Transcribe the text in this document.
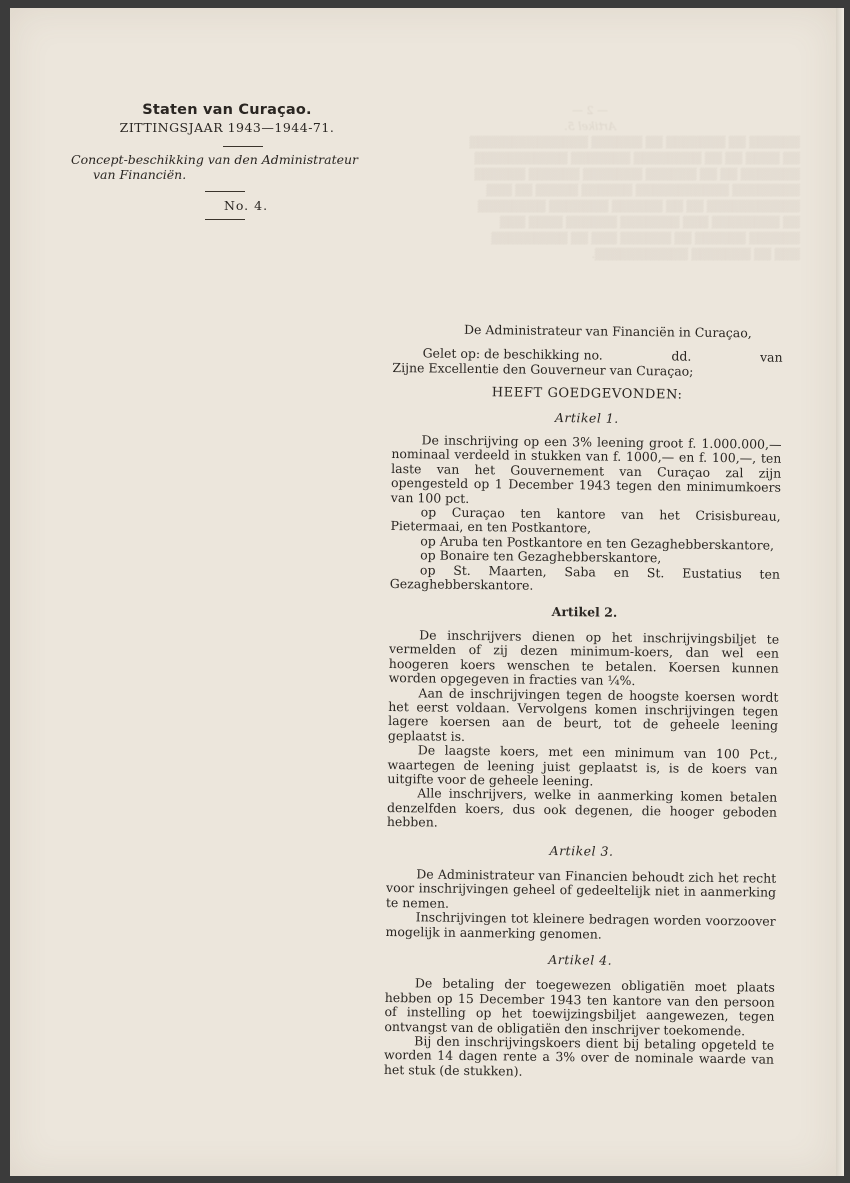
— 2 —
Artikel 5.
▒▒▒▒▒▒ ▒▒ ▒▒▒▒▒▒▒ ▒▒ ▒▒▒▒▒▒ ▒▒▒▒▒▒▒▒▒▒▒▒▒▒
▒▒ ▒▒▒▒ ▒▒ ▒▒ ▒▒▒▒▒▒▒▒ ▒▒▒▒▒▒▒ ▒▒▒▒▒▒▒▒▒▒▒
▒▒▒▒▒▒▒ ▒▒ ▒▒ ▒▒▒▒▒▒ ▒▒▒▒▒▒▒ ▒▒▒▒▒▒ ▒▒▒▒▒▒
▒▒▒▒▒▒▒▒ ▒▒▒▒▒▒▒▒▒▒▒ ▒▒▒▒▒▒ ▒▒▒▒▒ ▒▒ ▒▒▒
▒▒▒▒▒▒▒▒▒▒▒ ▒▒ ▒▒ ▒▒▒▒▒▒ ▒▒▒▒▒▒▒ ▒▒▒▒▒▒▒▒
▒▒ ▒▒▒▒▒▒▒▒ ▒▒▒ ▒▒▒▒▒▒▒ ▒▒▒▒▒▒ ▒▒▒▒ ▒▒▒
▒▒▒▒▒▒ ▒▒▒▒▒▒ ▒▒ ▒▒▒▒▒▒ ▒▒▒ ▒▒ ▒▒▒▒▒▒▒▒▒
▒▒▒ ▒▒ ▒▒▒▒▒▒▒ ▒▒▒▒▒▒▒▒▒▒▒.
Staten van Curaçao.
ZITTINGSJAAR 1943—1944-71.
Concept-beschikking van den Administrateur
van Financiën.
No. 4.

De Administrateur van Financiën in Curaçao,

Gelet op: de beschikking no.	dd.	van

Zijne Excellentie den Gouverneur van Curaçao;

HEEFT GOEDGEVONDEN:

Artikel 1.

De inschrijving op een 3% leening groot f. 1.000.000,— nominaal verdeeld in stukken van f. 1000,— en f. 100,—, ten laste van het Gouvernement van Curaçao zal zijn opengesteld op 1 December 1943 tegen den minimumkoers van 100 pct.

op Curaçao ten kantore van het Crisisbureau, Pietermaai, en ten Postkantore,

op Aruba ten Postkantore en ten Gezaghebberskantore,

op Bonaire ten Gezaghebberskantore,

op St. Maarten, Saba en St. Eustatius ten Gezaghebberskantore.

Artikel 2.

De inschrijvers dienen op het inschrijvingsbiljet te vermelden of zij dezen minimum-koers, dan wel een hoogeren koers wenschen te betalen. Koersen kunnen worden opgegeven in fracties van ¼%.

Aan de inschrijvingen tegen de hoogste koersen wordt het eerst voldaan. Vervolgens komen inschrijvingen tegen lagere koersen aan de beurt, tot de geheele leening geplaatst is.

De laagste koers, met een minimum van 100 Pct., waartegen de leening juist geplaatst is, is de koers van uitgifte voor de geheele leening.

Alle inschrijvers, welke in aanmerking komen betalen denzelfden koers, dus ook degenen, die hooger geboden hebben.

Artikel 3.

De Administrateur van Financien behoudt zich het recht voor inschrijvingen geheel of gedeeltelijk niet in aanmerking te nemen.

Inschrijvingen tot kleinere bedragen worden voorzoover mogelijk in aanmerking genomen.

Artikel 4.

De betaling der toegewezen obligatiën moet plaats hebben op 15 December 1943 ten kantore van den persoon of instelling op het toewijzingsbiljet aangewezen, tegen ontvangst van de obligatiën den inschrijver toekomende.

Bij den inschrijvingskoers dient bij betaling opgeteld te worden 14 dagen rente a 3% over de nominale waarde van het stuk (de stukken).
